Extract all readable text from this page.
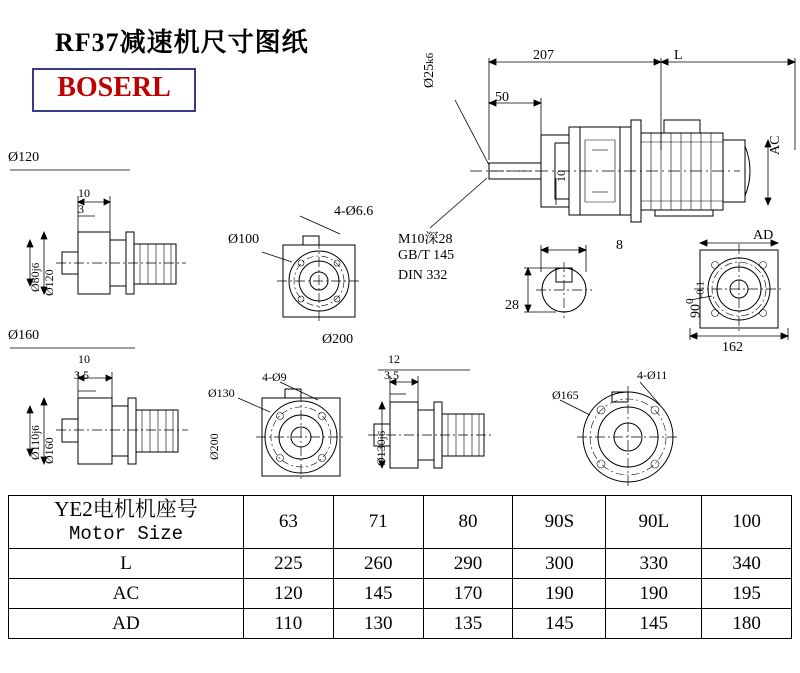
RF37减速机尺寸图纸
BOSERL
207	L
50
Ø25k6
AC
10
M10深28
GB/T 145
DIN 332
8
28
AD
$90^0_{-0.1}$
162
Ø120
10
3
Ø120
Ø80j6
4-Ø6.6
Ø100
Ø160
10
3.5
Ø160
Ø110j6
4-Ø9
Ø130
Ø200
Ø200
12
3.5
Ø130j6
4-Ø11
Ø165
YE2电机机座号
Motor Size	63	71	80	90S	90L	100
L	225	260	290	300	330	340
AC	120	145	170	190	190	195
AD	110	130	135	145	145	180
